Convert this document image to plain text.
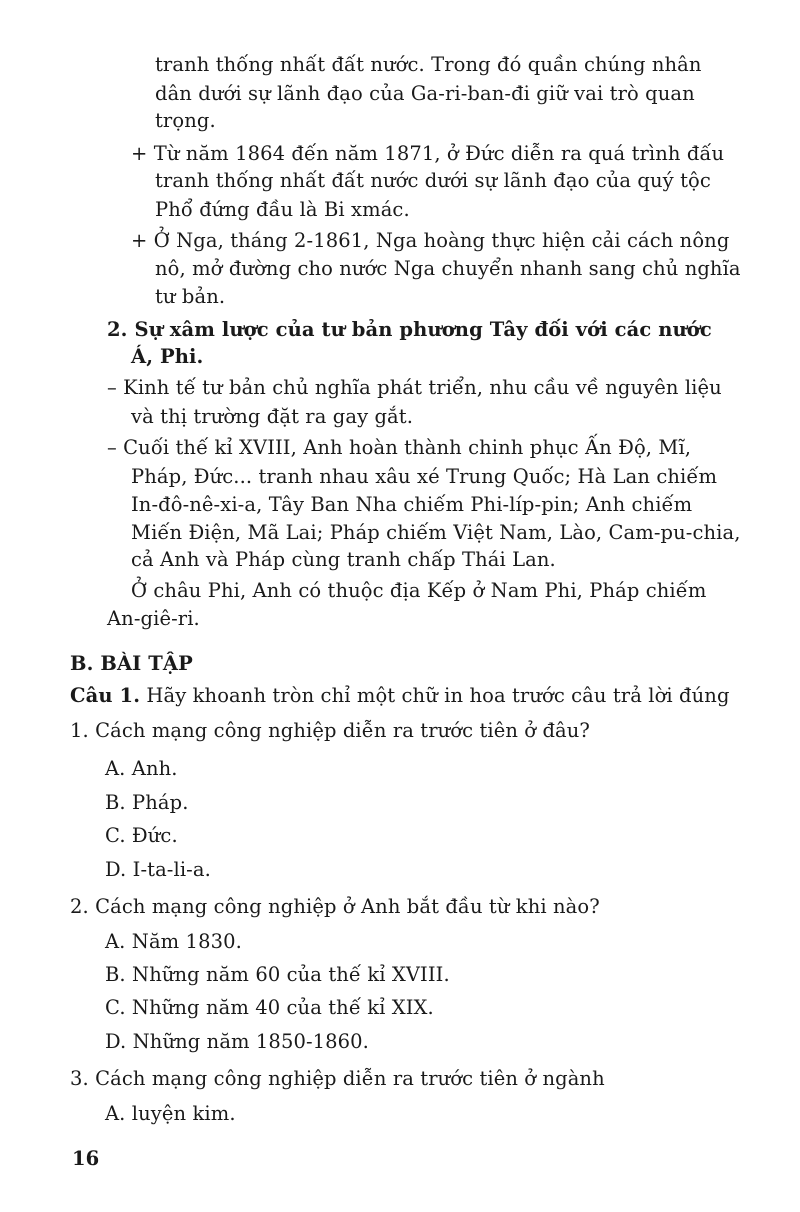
tranh thống nhất đất nước. Trong đó quần chúng nhân
dân dưới sự lãnh đạo của Ga-ri-ban-đi giữ vai trò quan
trọng.
+ Từ năm 1864 đến năm 1871, ở Đức diễn ra quá trình đấu
tranh thống nhất đất nước dưới sự lãnh đạo của quý tộc
Phổ đứng đầu là Bi xmác.
+ Ở Nga, tháng 2-1861, Nga hoàng thực hiện cải cách nông
nô, mở đường cho nước Nga chuyển nhanh sang chủ nghĩa
tư bản.
2. Sự xâm lược của tư bản phương Tây đối với các nước
Á, Phi.
– Kinh tế tư bản chủ nghĩa phát triển, nhu cầu về nguyên liệu
và thị trường đặt ra gay gắt.
– Cuối thế kỉ XVIII, Anh hoàn thành chinh phục Ấn Độ, Mĩ,
Pháp, Đức... tranh nhau xâu xé Trung Quốc; Hà Lan chiếm
In-đô-nê-xi-a, Tây Ban Nha chiếm Phi-líp-pin; Anh chiếm
Miến Điện, Mã Lai; Pháp chiếm Việt Nam, Lào, Cam-pu-chia,
cả Anh và Pháp cùng tranh chấp Thái Lan.
Ở châu Phi, Anh có thuộc địa Kếp ở Nam Phi, Pháp chiếm
An-giê-ri.
B. BÀI TẬP
Câu 1. Hãy khoanh tròn chỉ một chữ in hoa trước câu trả lời đúng
1. Cách mạng công nghiệp diễn ra trước tiên ở đâu?
A. Anh.
B. Pháp.
C. Đức.
D. I-ta-li-a.
2. Cách mạng công nghiệp ở Anh bắt đầu từ khi nào?
A. Năm 1830.
B. Những năm 60 của thế kỉ XVIII.
C. Những năm 40 của thế kỉ XIX.
D. Những năm 1850-1860.
3. Cách mạng công nghiệp diễn ra trước tiên ở ngành
A. luyện kim.
16
